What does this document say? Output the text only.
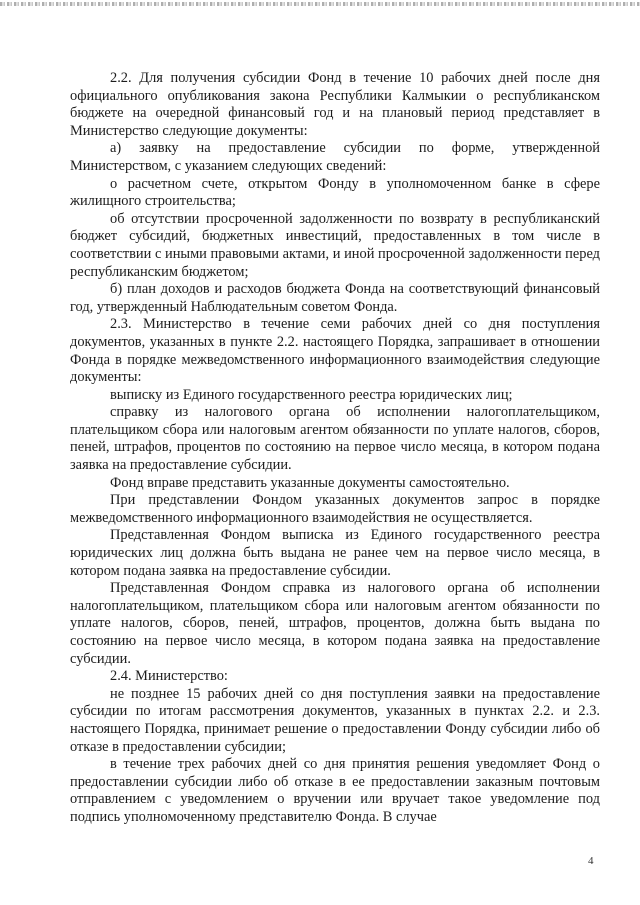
2.2. Для получения субсидии Фонд в течение 10 рабочих дней после дня официального опубликования закона Республики Калмыкии о республиканском бюджете на очередной финансовый год и на плановый период представляет в Министерство следующие документы:

а) заявку на предоставление субсидии по форме, утвержденной Министерством, с указанием следующих сведений:

о расчетном счете, открытом Фонду в уполномоченном банке в сфере жилищного строительства;

об отсутствии просроченной задолженности по возврату в республиканский бюджет субсидий, бюджетных инвестиций, предоставленных в том числе в соответствии с иными правовыми актами, и иной просроченной задолженности перед республиканским бюджетом;

б) план доходов и расходов бюджета Фонда на соответствующий финансовый год, утвержденный Наблюдательным советом Фонда.

2.3. Министерство в течение семи рабочих дней со дня поступления документов, указанных в пункте 2.2. настоящего Порядка, запрашивает в отношении Фонда в порядке межведомственного информационного взаимодействия следующие документы:

выписку из Единого государственного реестра юридических лиц;

справку из налогового органа об исполнении налогоплательщиком, плательщиком сбора или налоговым агентом обязанности по уплате налогов, сборов, пеней, штрафов, процентов по состоянию на первое число месяца, в котором подана заявка на предоставление субсидии.

Фонд вправе представить указанные документы самостоятельно.

При представлении Фондом указанных документов запрос в порядке межведомственного информационного взаимодействия не осуществляется.

Представленная Фондом выписка из Единого государственного реестра юридических лиц должна быть выдана не ранее чем на первое число месяца, в котором подана заявка на предоставление субсидии.

Представленная Фондом справка из налогового органа об исполнении налогоплательщиком, плательщиком сбора или налоговым агентом обязанности по уплате налогов, сборов, пеней, штрафов, процентов, должна быть выдана по состоянию на первое число месяца, в котором подана заявка на предоставление субсидии.

2.4. Министерство:

не позднее 15 рабочих дней со дня поступления заявки на предоставление субсидии по итогам рассмотрения документов, указанных в пунктах 2.2. и 2.3. настоящего Порядка, принимает решение о предоставлении Фонду субсидии либо об отказе в предоставлении субсидии;

в течение трех рабочих дней со дня принятия решения уведомляет Фонд о предоставлении субсидии либо об отказе в ее предоставлении заказным почтовым отправлением с уведомлением о вручении или вручает такое уведомление под подпись уполномоченному представителю Фонда. В случае

4
